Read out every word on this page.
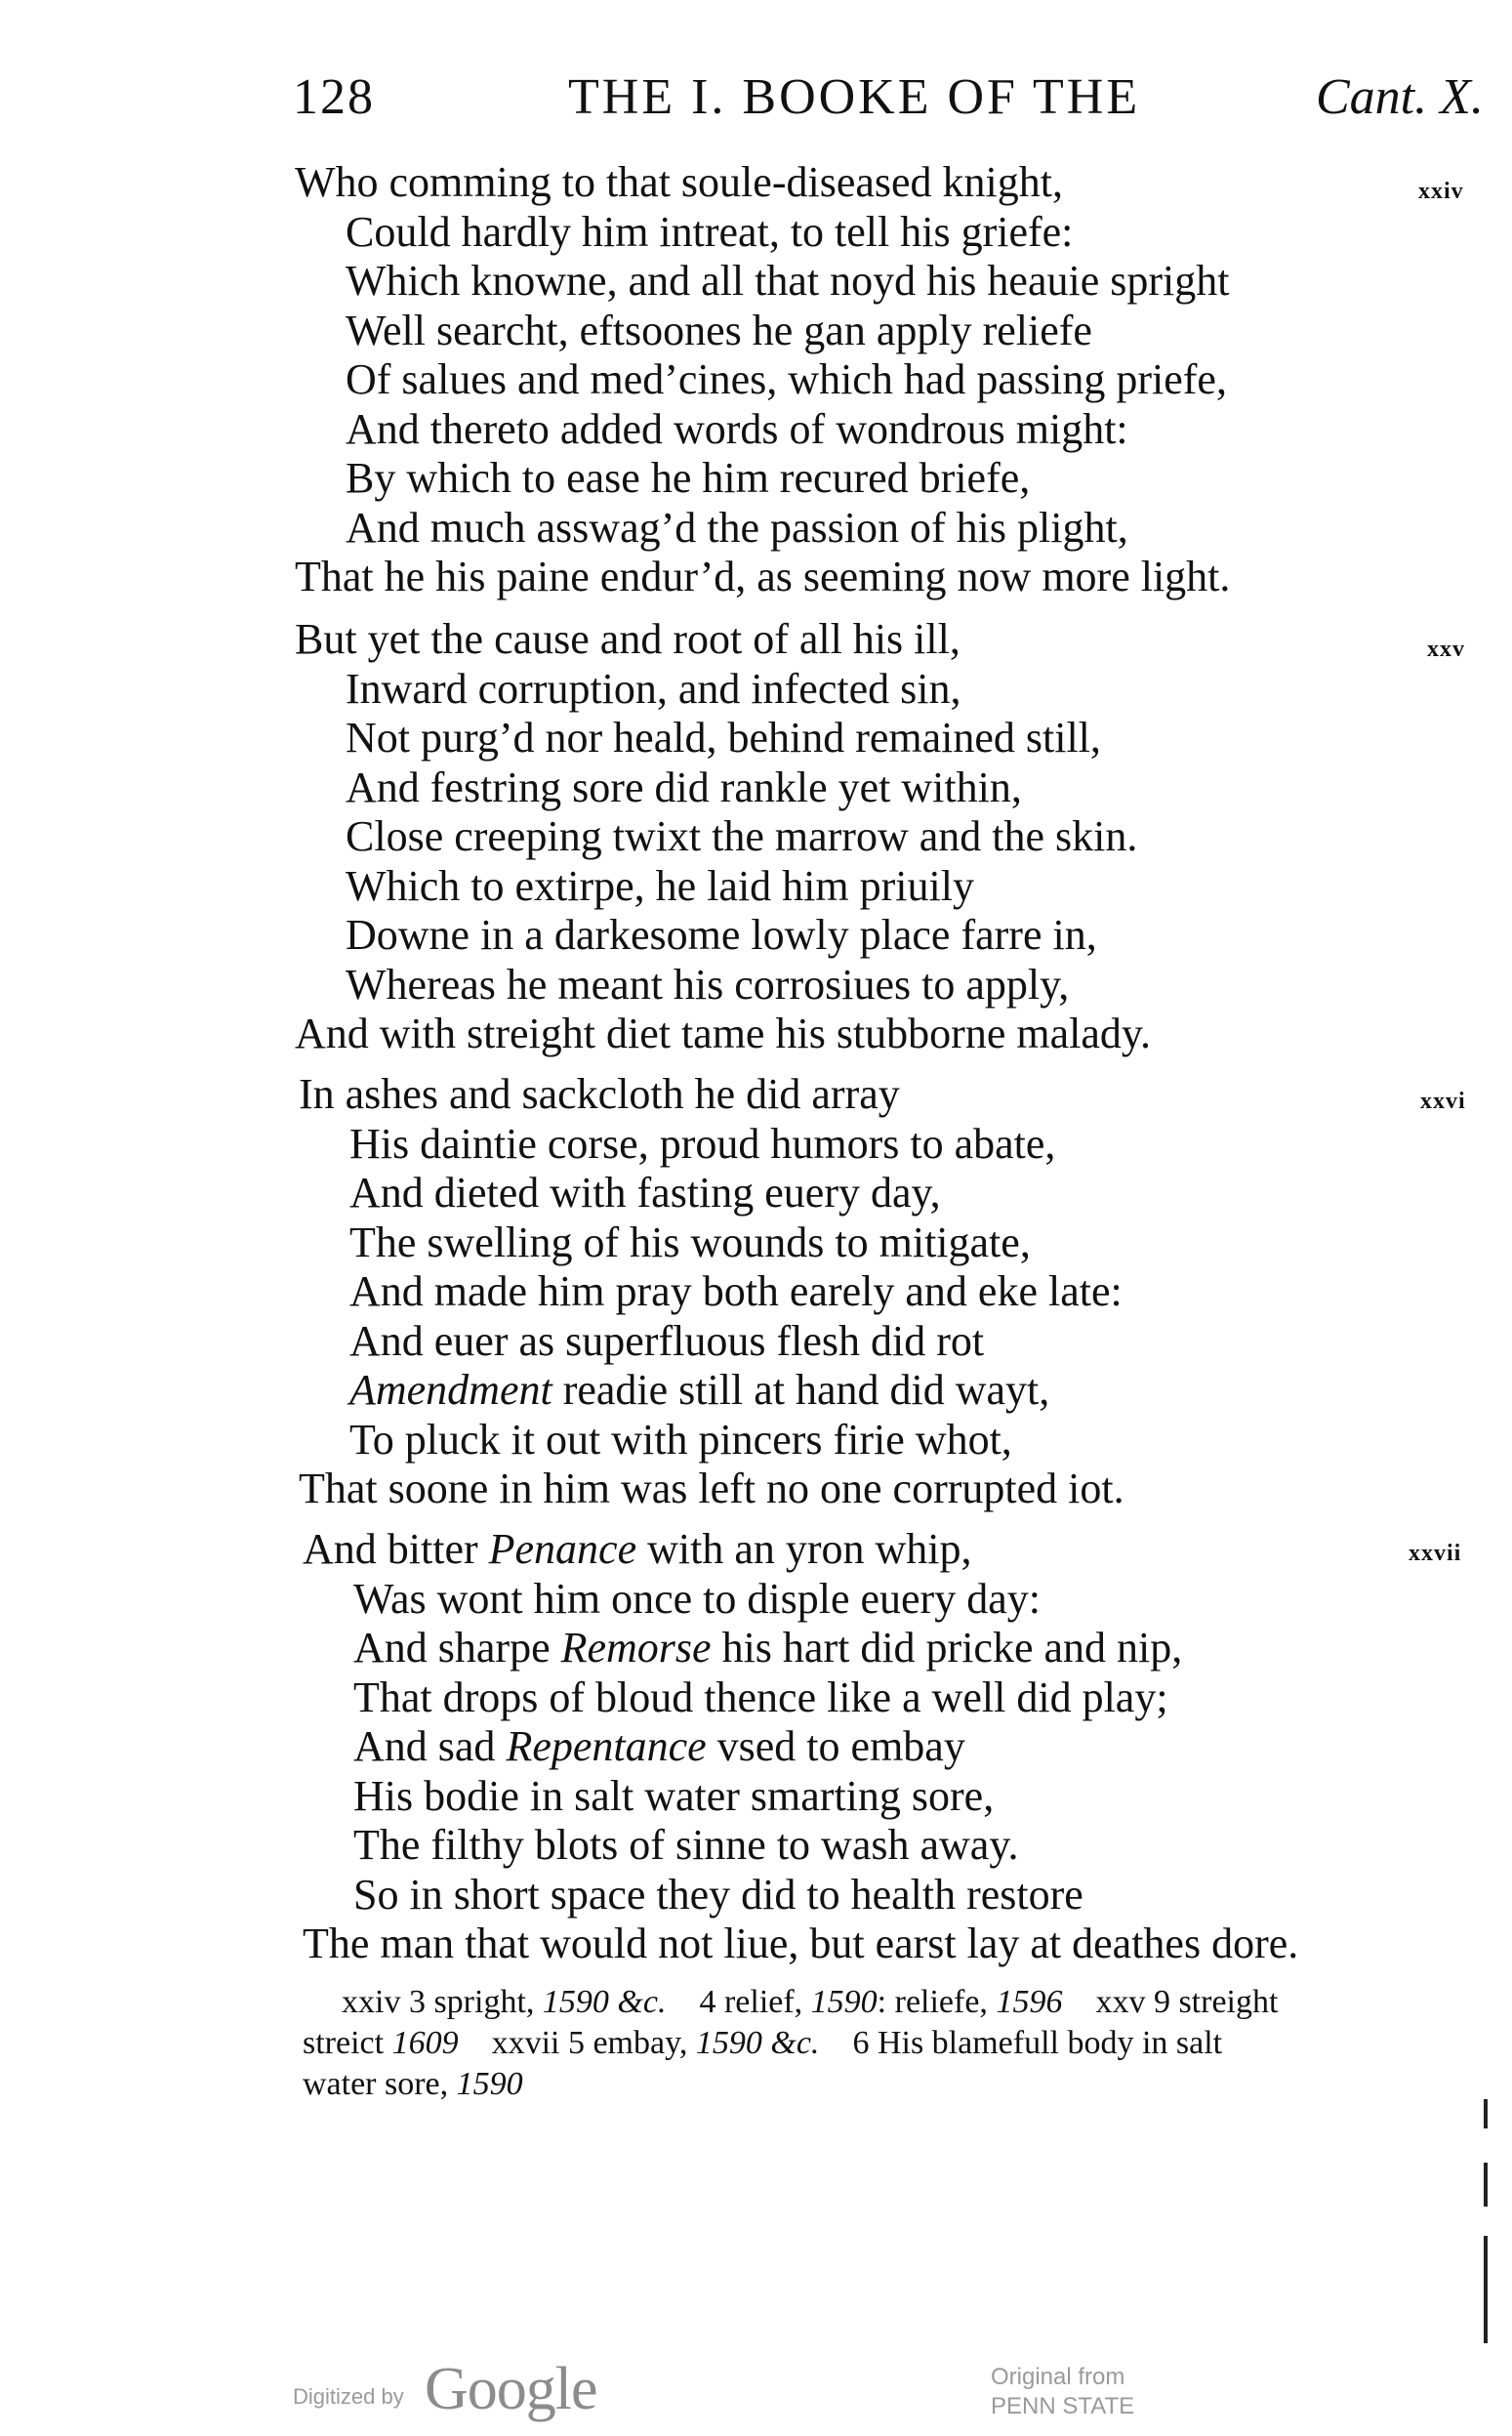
128	THE I. BOOKE OF THE	Cant. X.
xxiv
Who comming to that soule-diseased knight,
Could hardly him intreat, to tell his griefe:
Which knowne, and all that noyd his heauie spright
Well searcht, eftsoones he gan apply reliefe
Of salues and med’cines, which had passing priefe,
And thereto added words of wondrous might:
By which to ease he him recured briefe,
And much asswag’d the passion of his plight,
That he his paine endur’d, as seeming now more light.
xxv
But yet the cause and root of all his ill,
Inward corruption, and infected sin,
Not purg’d nor heald, behind remained still,
And festring sore did rankle yet within,
Close creeping twixt the marrow and the skin.
Which to extirpe, he laid him priuily
Downe in a darkesome lowly place farre in,
Whereas he meant his corrosiues to apply,
And with streight diet tame his stubborne malady.
xxvi
In ashes and sackcloth he did array
His daintie corse, proud humors to abate,
And dieted with fasting euery day,
The swelling of his wounds to mitigate,
And made him pray both earely and eke late:
And euer as superfluous flesh did rot
Amendment readie still at hand did wayt,
To pluck it out with pincers firie whot,
That soone in him was left no one corrupted iot.
xxvii
And bitter Penance with an yron whip,
Was wont him once to disple euery day:
And sharpe Remorse his hart did pricke and nip,
That drops of bloud thence like a well did play;
And sad Repentance vsed to embay
His bodie in salt water smarting sore,
The filthy blots of sinne to wash away.
So in short space they did to health restore
The man that would not liue, but earst lay at deathes dore.
xxiv 3 spright, 1590 &c. 4 relief, 1590: reliefe, 1596 xxv 9 streight
streict 1609 xxvii 5 embay, 1590 &c. 6 His blamefull body in salt
water sore, 1590
Digitized by Google	Original from
PENN STATE
